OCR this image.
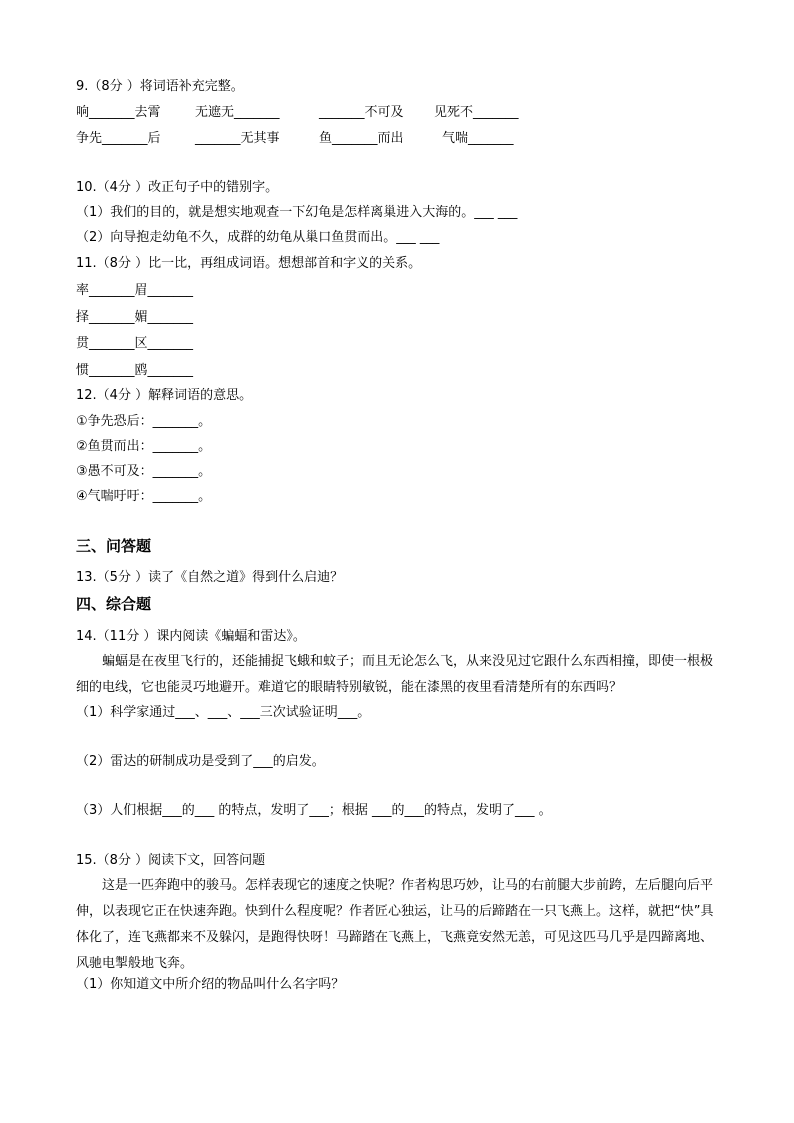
9.（8分 ）将词语补充完整。
响_______去霄	无遮无_______	_______不可及 见死不_______
争先_______后	_______无其事	鱼_______而出	气喘_______
10.（4分 ）改正句子中的错别字。
（1）我们的目的，就是想实地观查一下幻龟是怎样离巢进入大海的。___ ___
（2）向导抱走幼龟不久，成群的幼龟从巢口鱼贯而出。___ ___
11.（8分 ）比一比，再组成词语。想想部首和字义的关系。
率_______眉_______
择_______媚_______
贯_______区_______
惯_______鸥_______
12.（4分 ）解释词语的意思。
①争先恐后：_______。
②鱼贯而出：_______。
③愚不可及：_______。
④气喘吁吁：_______。
三、问答题
13.（5分 ）读了《自然之道》得到什么启迪？
四、综合题
14.（11分 ）课内阅读《蝙蝠和雷达》。
蝙蝠是在夜里飞行的，还能捕捉飞蛾和蚊子；而且无论怎么飞，从来没见过它跟什么东西相撞，即使一根极细的电线，它也能灵巧地避开。难道它的眼睛特别敏锐，能在漆黑的夜里看清楚所有的东西吗？
（1）科学家通过___、___、___三次试验证明___。
（2）雷达的研制成功是受到了___的启发。
（3）人们根据___的___ 的特点，发明了___；根据 ___的___的特点，发明了___ 。
15.（8分 ）阅读下文，回答问题
这是一匹奔跑中的骏马。怎样表现它的速度之快呢？作者构思巧妙，让马的右前腿大步前跨，左后腿向后平伸，以表现它正在快速奔跑。快到什么程度呢？作者匠心独运，让马的后蹄踏在一只飞燕上。这样，就把“快”具体化了，连飞燕都来不及躲闪，是跑得快呀！马蹄踏在飞燕上，飞燕竟安然无恙，可见这匹马几乎是四蹄离地、风驰电掣般地飞奔。
（1）你知道文中所介绍的物品叫什么名字吗？
